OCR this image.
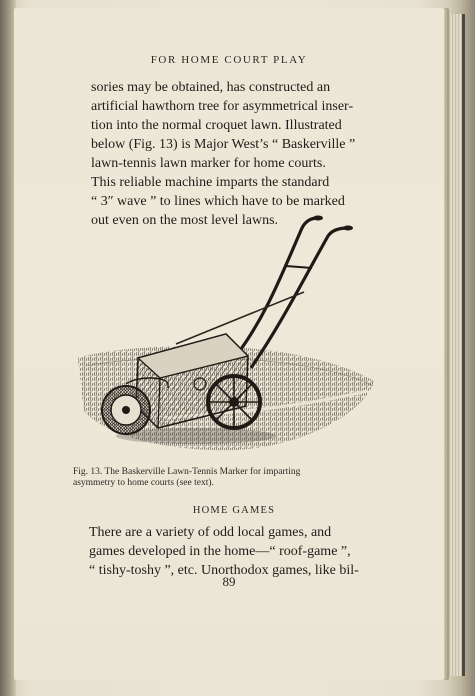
FOR HOME COURT PLAY
sories may be obtained, has constructed an
artificial hawthorn tree for asymmetrical inser-
tion into the normal croquet lawn. Illustrated
below (Fig. 13) is Major West’s “ Baskerville ”
lawn-tennis lawn marker for home courts.
This reliable machine imparts the standard
“ 3″ wave ” to lines which have to be marked
out even on the most level lawns.
Fig. 13. The Baskerville Lawn-Tennis Marker for imparting
asymmetry to home courts (see text).
HOME GAMES
There are a variety of odd local games, and
games developed in the home—“ roof-game ”,
“ tishy-toshy ”, etc. Unorthodox games, like bil-
89
